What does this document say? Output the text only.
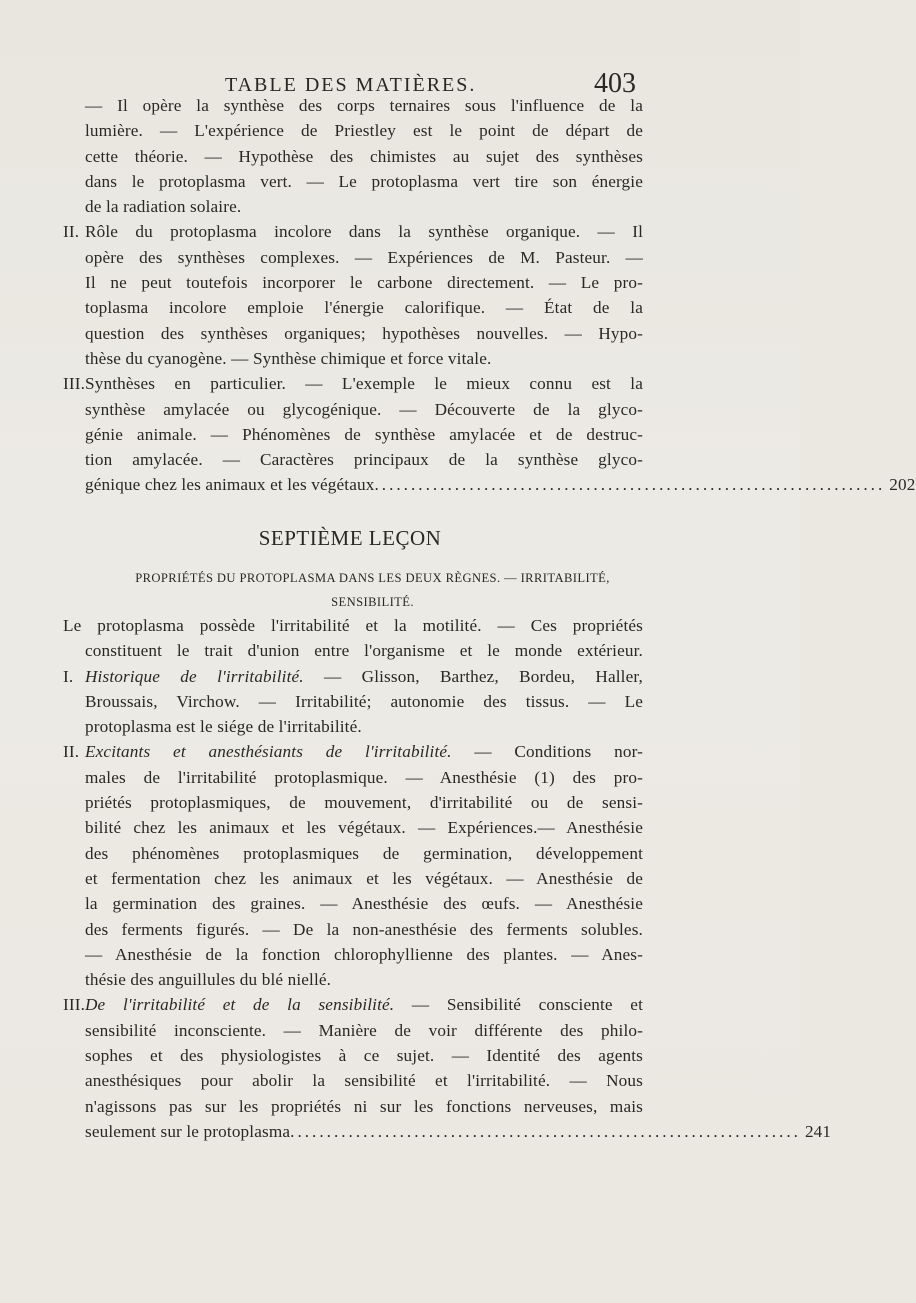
TABLE DES MATIÈRES.	403

— Il opère la synthèse des corps ternaires sous l'influence de la

lumière. — L'expérience de Priestley est le point de départ de

cette théorie. — Hypothèse des chimistes au sujet des synthèses

dans le protoplasma vert. — Le protoplasma vert tire son énergie

de la radiation solaire.

II. Rôle du protoplasma incolore dans la synthèse organique. — Il

opère des synthèses complexes. — Expériences de M. Pasteur. —

Il ne peut toutefois incorporer le carbone directement. — Le pro-

toplasma incolore emploie l'énergie calorifique. — État de la

question des synthèses organiques; hypothèses nouvelles. — Hypo-

thèse du cyanogène. — Synthèse chimique et force vitale.

III.Synthèses en particulier. — L'exemple le mieux connu est la

synthèse amylacée ou glycogénique. — Découverte de la glyco-

génie animale. — Phénomènes de synthèse amylacée et de destruc-

tion amylacée. — Caractères principaux de la synthèse glyco-

génique chez les animaux et les végétaux ...................................................................... 202

SEPTIÈME LEÇON
PROPRIÉTÉS DU PROTOPLASMA DANS LES DEUX RÈGNES. — IRRITABILITÉ,
SENSIBILITÉ.

Le protoplasma possède l'irritabilité et la motilité. — Ces propriétés

constituent le trait d'union entre l'organisme et le monde extérieur.

I. Historique de l'irritabilité. — Glisson, Barthez, Bordeu, Haller,

Broussais, Virchow. — Irritabilité; autonomie des tissus. — Le

protoplasma est le siége de l'irritabilité.

II. Excitants et anesthésiants de l'irritabilité. — Conditions nor-

males de l'irritabilité protoplasmique. — Anesthésie (1) des pro-

priétés protoplasmiques, de mouvement, d'irritabilité ou de sensi-

bilité chez les animaux et les végétaux. — Expériences.— Anesthésie

des phénomènes protoplasmiques de germination, développement

et fermentation chez les animaux et les végétaux. — Anesthésie de

la germination des graines. — Anesthésie des œufs. — Anesthésie

des ferments figurés. — De la non-anesthésie des ferments solubles.

— Anesthésie de la fonction chlorophyllienne des plantes. — Anes-

thésie des anguillules du blé niellé.

III.De l'irritabilité et de la sensibilité. — Sensibilité consciente et

sensibilité inconsciente. — Manière de voir différente des philo-

sophes et des physiologistes à ce sujet. — Identité des agents

anesthésiques pour abolir la sensibilité et l'irritabilité. — Nous

n'agissons pas sur les propriétés ni sur les fonctions nerveuses, mais

seulement sur le protoplasma ...................................................................... 241
